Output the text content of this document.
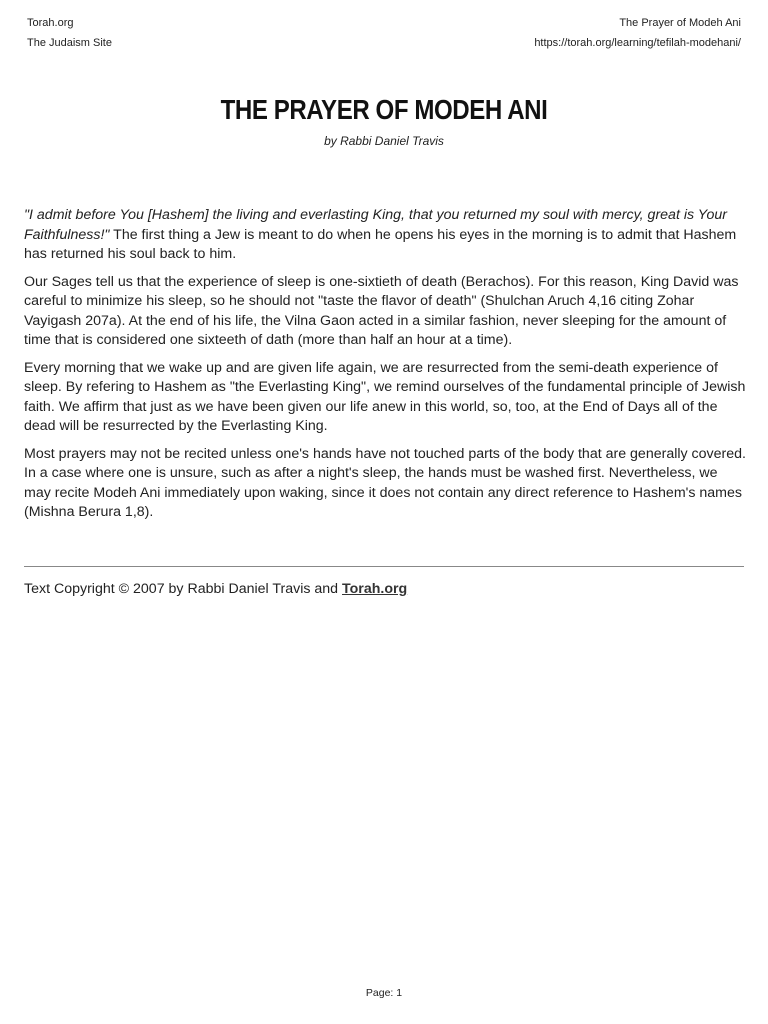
Torah.org
The Judaism Site
The Prayer of Modeh Ani
https://torah.org/learning/tefilah-modehani/
THE PRAYER OF MODEH ANI
by Rabbi Daniel Travis

"I admit before You [Hashem] the living and everlasting King, that you returned my soul with mercy, great is Your Faithfulness!" The first thing a Jew is meant to do when he opens his eyes in the morning is to admit that Hashem has returned his soul back to him.

Our Sages tell us that the experience of sleep is one-sixtieth of death (Berachos). For this reason, King David was careful to minimize his sleep, so he should not "taste the flavor of death" (Shulchan Aruch 4,16 citing Zohar Vayigash 207a). At the end of his life, the Vilna Gaon acted in a similar fashion, never sleeping for the amount of time that is considered one sixteeth of dath (more than half an hour at a time).

Every morning that we wake up and are given life again, we are resurrected from the semi-death experience of sleep. By refering to Hashem as "the Everlasting King", we remind ourselves of the fundamental principle of Jewish faith. We affirm that just as we have been given our life anew in this world, so, too, at the End of Days all of the dead will be resurrected by the Everlasting King.

Most prayers may not be recited unless one's hands have not touched parts of the body that are generally covered. In a case where one is unsure, such as after a night's sleep, the hands must be washed first. Nevertheless, we may recite Modeh Ani immediately upon waking, since it does not contain any direct reference to Hashem's names (Mishna Berura 1,8).

Text Copyright © 2007 by Rabbi Daniel Travis and Torah.org
Page: 1
